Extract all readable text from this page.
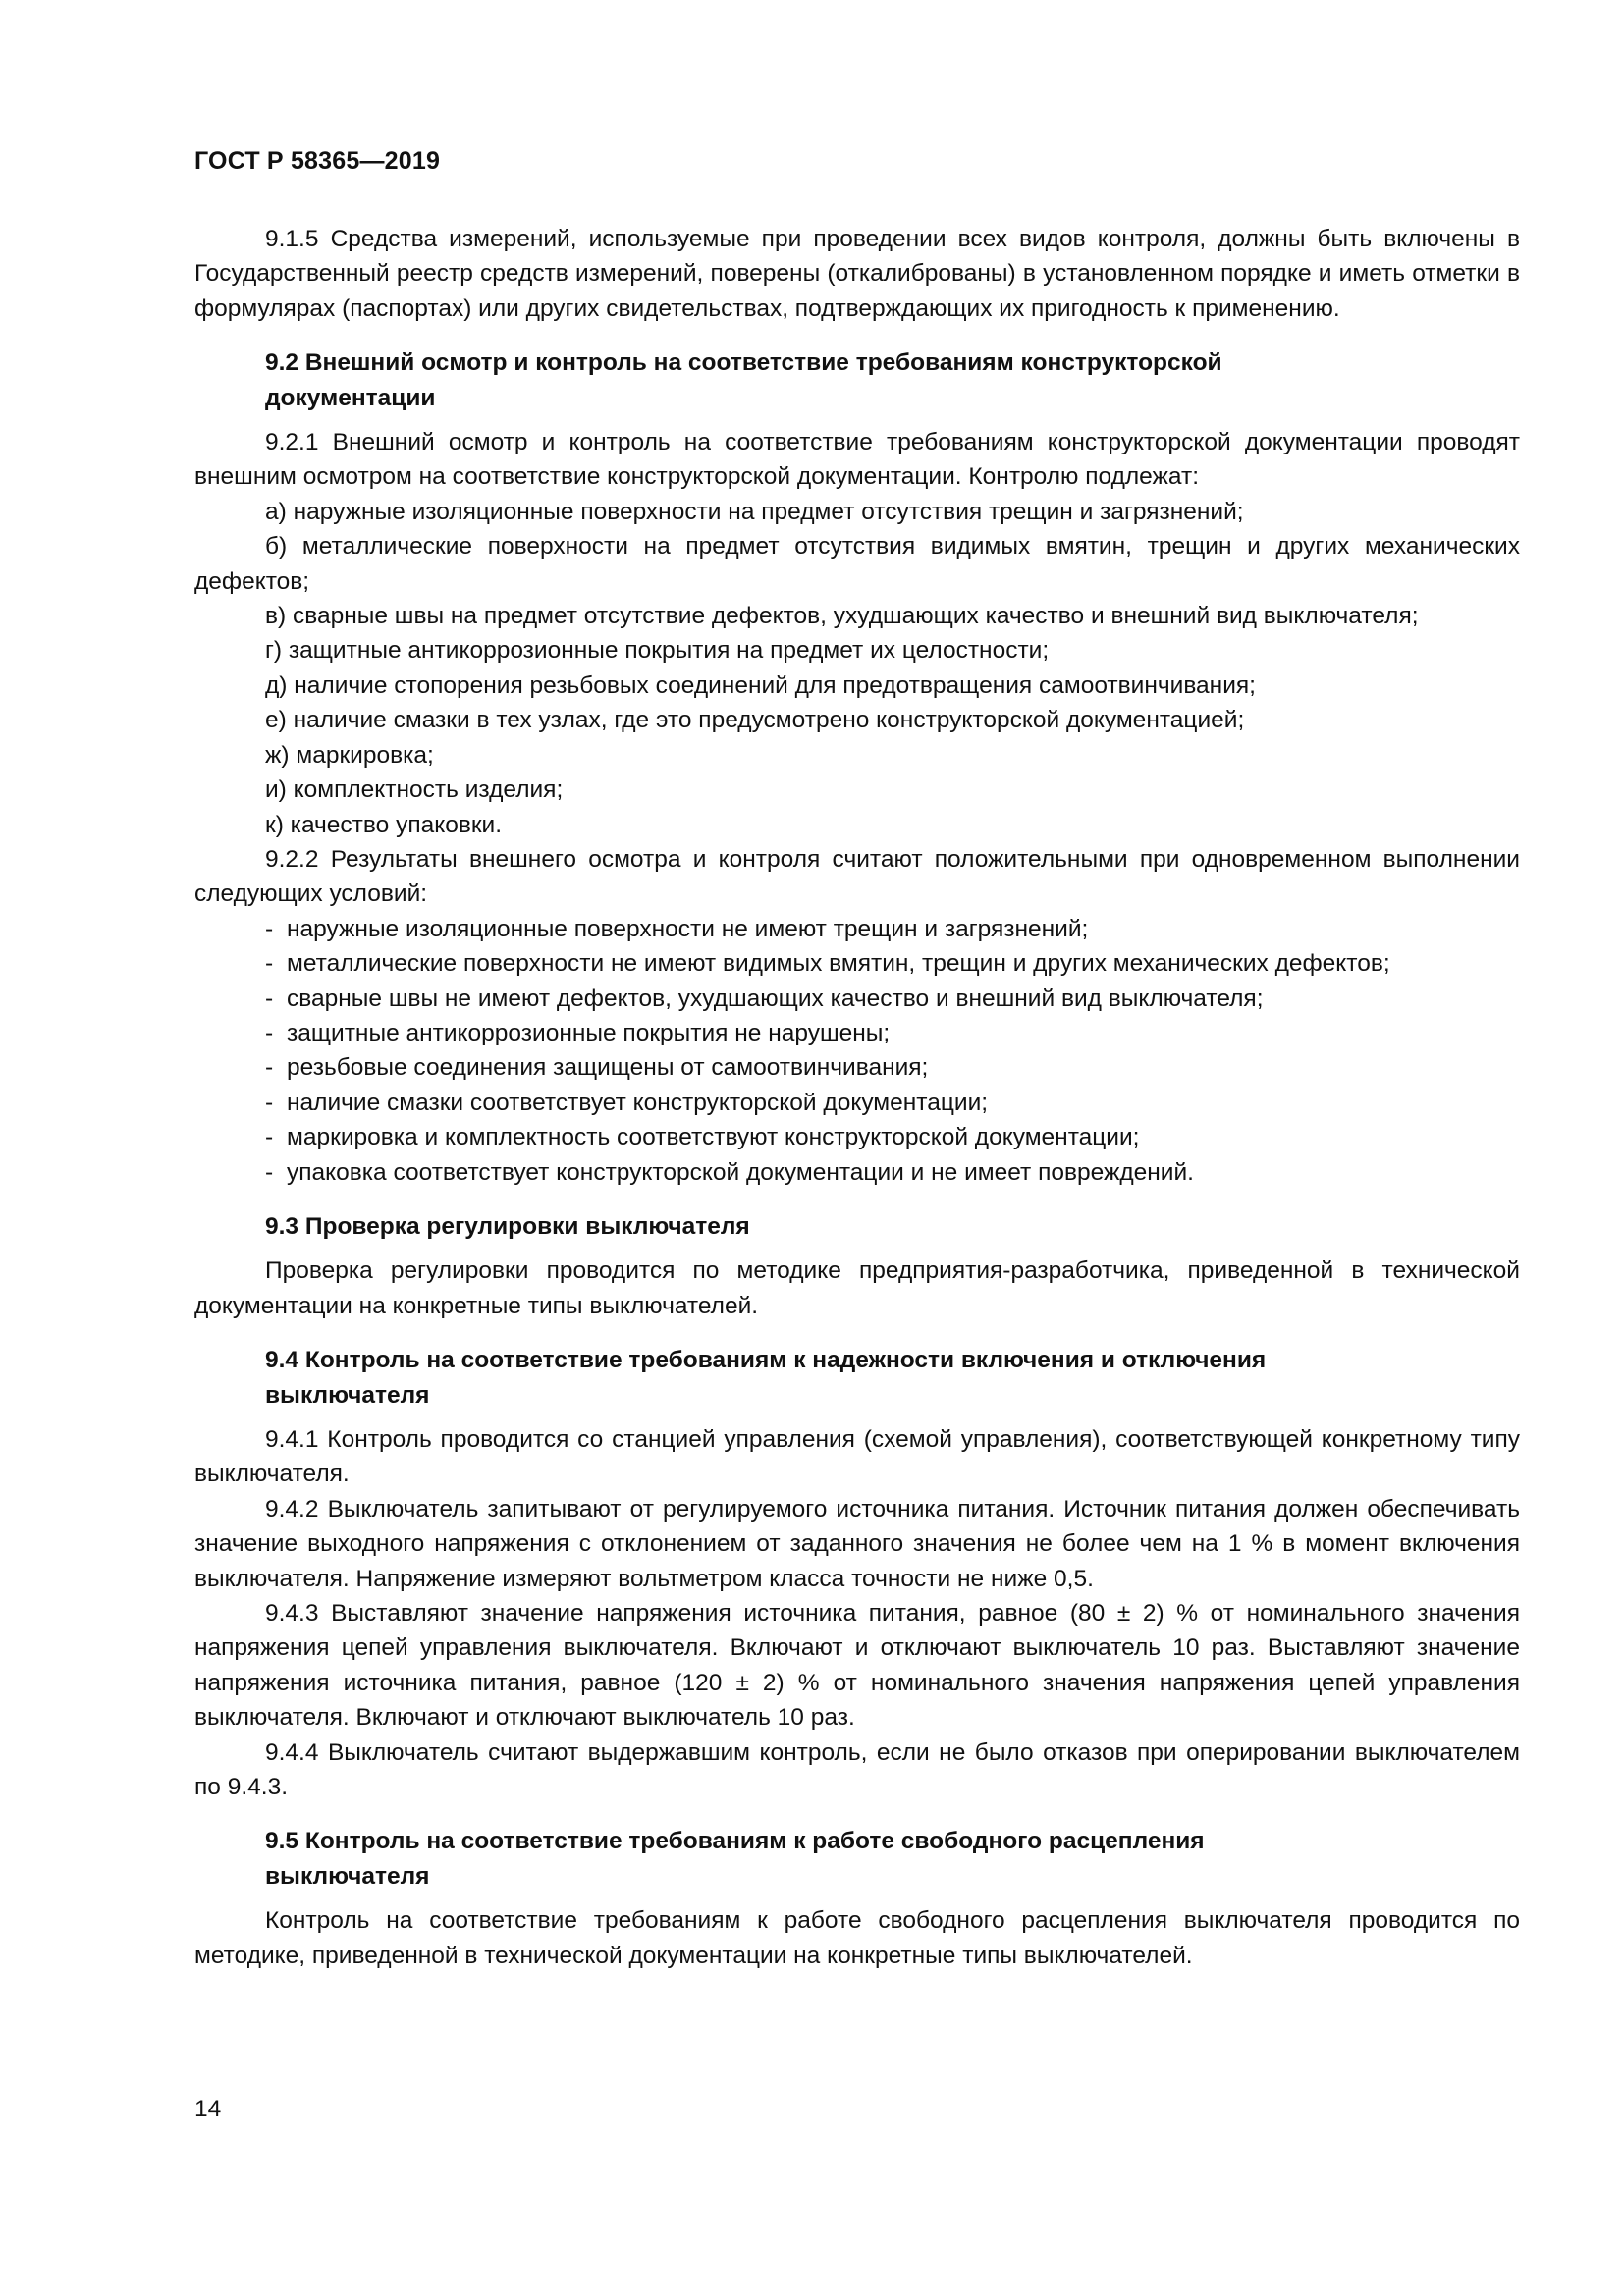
ГОСТ Р 58365—2019

9.1.5 Средства измерений, используемые при проведении всех видов контроля, должны быть включены в Государственный реестр средств измерений, поверены (откалиброваны) в установленном порядке и иметь отметки в формулярах (паспортах) или других свидетельствах, подтверждающих их пригодность к применению.

9.2 Внешний осмотр и контроль на соответствие требованиям конструкторской
документации

9.2.1 Внешний осмотр и контроль на соответствие требованиям конструкторской документации проводят внешним осмотром на соответствие конструкторской документации. Контролю подлежат:

а) наружные изоляционные поверхности на предмет отсутствия трещин и загрязнений;

б) металлические поверхности на предмет отсутствия видимых вмятин, трещин и других механических дефектов;

в) сварные швы на предмет отсутствие дефектов, ухудшающих качество и внешний вид выключателя;

г) защитные антикоррозионные покрытия на предмет их целостности;

д) наличие стопорения резьбовых соединений для предотвращения самоотвинчивания;

е) наличие смазки в тех узлах, где это предусмотрено конструкторской документацией;

ж) маркировка;

и) комплектность изделия;

к) качество упаковки.

9.2.2 Результаты внешнего осмотра и контроля считают положительными при одновременном выполнении следующих условий:

- наружные изоляционные поверхности не имеют трещин и загрязнений;
- металлические поверхности не имеют видимых вмятин, трещин и других механических дефектов;
- сварные швы не имеют дефектов, ухудшающих качество и внешний вид выключателя;
- защитные антикоррозионные покрытия не нарушены;
- резьбовые соединения защищены от самоотвинчивания;
- наличие смазки соответствует конструкторской документации;
- маркировка и комплектность соответствуют конструкторской документации;
- упаковка соответствует конструкторской документации и не имеет повреждений.
9.3 Проверка регулировки выключателя

Проверка регулировки проводится по методике предприятия-разработчика, приведенной в технической документации на конкретные типы выключателей.

9.4 Контроль на соответствие требованиям к надежности включения и отключения
выключателя

9.4.1 Контроль проводится со станцией управления (схемой управления), соответствующей конкретному типу выключателя.

9.4.2 Выключатель запитывают от регулируемого источника питания. Источник питания должен обеспечивать значение выходного напряжения с отклонением от заданного значения не более чем на 1 % в момент включения выключателя. Напряжение измеряют вольтметром класса точности не ниже 0,5.

9.4.3 Выставляют значение напряжения источника питания, равное (80 ± 2) % от номинального значения напряжения цепей управления выключателя. Включают и отключают выключатель 10 раз. Выставляют значение напряжения источника питания, равное (120 ± 2) % от номинального значения напряжения цепей управления выключателя. Включают и отключают выключатель 10 раз.

9.4.4 Выключатель считают выдержавшим контроль, если не было отказов при оперировании выключателем по 9.4.3.

9.5 Контроль на соответствие требованиям к работе свободного расцепления
выключателя

Контроль на соответствие требованиям к работе свободного расцепления выключателя проводится по методике, приведенной в технической документации на конкретные типы выключателей.

14
